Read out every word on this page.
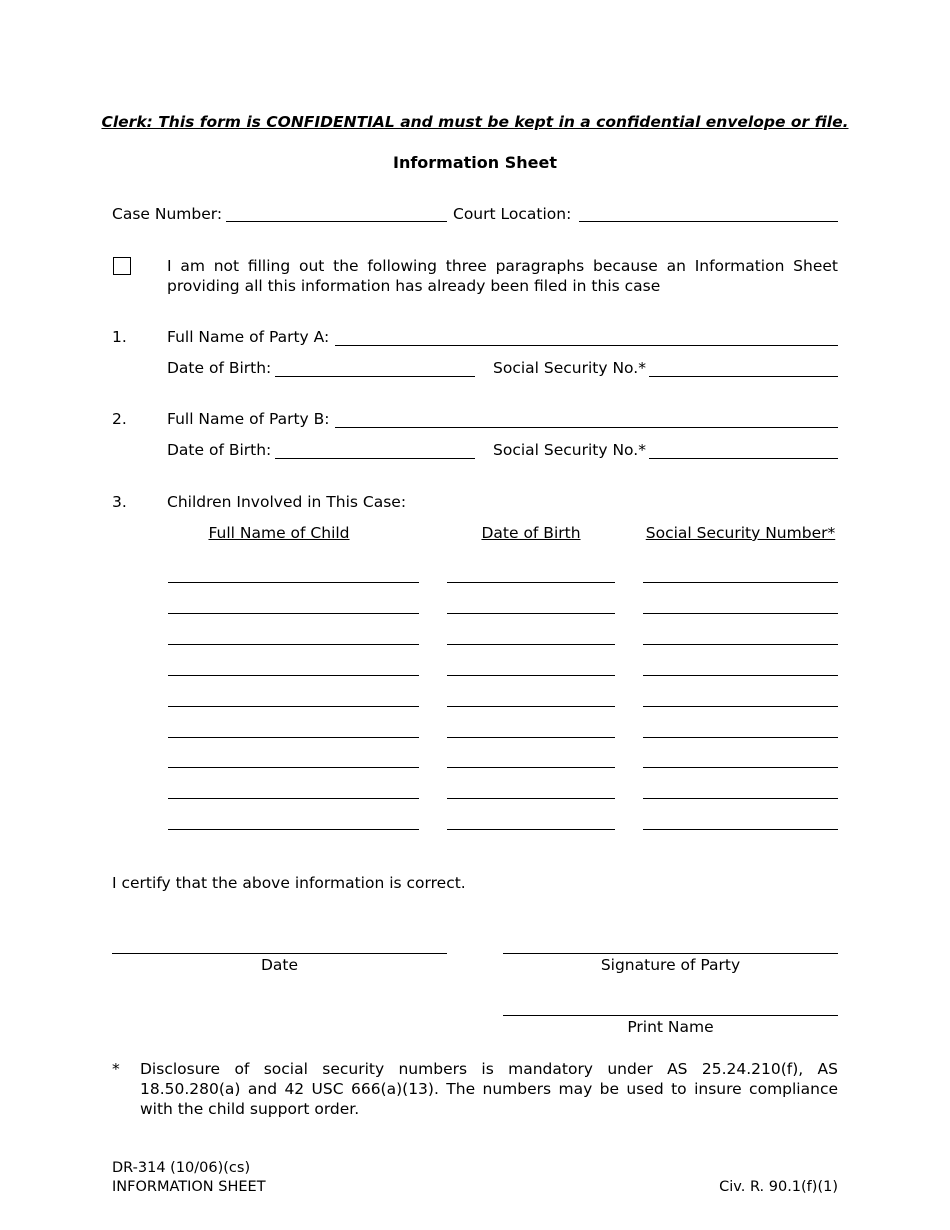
Clerk: This form is CONFIDENTIAL and must be kept in a confidential envelope or file.
Information Sheet
Case Number:	Court Location:
I am not filling out the following three paragraphs because an Information Sheet providing all this information has already been filed in this case
1.	Full Name of Party A:
Date of Birth:	Social Security No.*
2.	Full Name of Party B:
Date of Birth:	Social Security No.*
3.	Children Involved in This Case:
Full Name of Child	Date of Birth	Social Security Number*
I certify that the above information is correct.
Date	Signature of Party
Print Name
* Disclosure of social security numbers is mandatory under AS 25.24.210(f), AS 18.50.280(a) and 42 USC 666(a)(13). The numbers may be used to insure compliance with the child support order.
DR-314 (10/06)(cs)
INFORMATION SHEET	Civ. R. 90.1(f)(1)
